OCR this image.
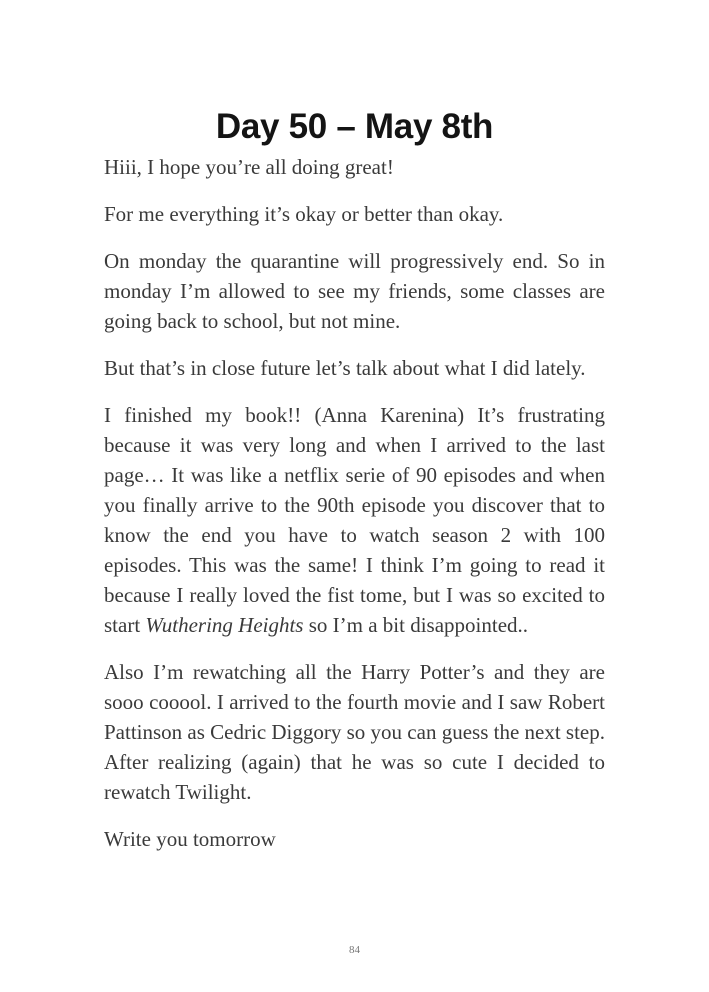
Day 50 – May 8th

Hiii, I hope you’re all doing great!

For me everything it’s okay or better than okay.

On monday the quarantine will progressively end. So in monday I’m allowed to see my friends, some classes are going back to school, but not mine.

But that’s in close future let’s talk about what I did lately.

I finished my book!! (Anna Karenina) It’s frustrating because it was very long and when I arrived to the last page… It was like a netflix serie of 90 episodes and when you finally arrive to the 90th episode you discover that to know the end you have to watch season 2 with 100 episodes. This was the same! I think I’m going to read it because I really loved the fist tome, but I was so excited to start Wuthering Heights so I’m a bit disappointed..

Also I’m rewatching all the Harry Potter’s and they are sooo cooool. I arrived to the fourth movie and I saw Robert Pattinson as Cedric Diggory so you can guess the next step. After realizing (again) that he was so cute I decided to rewatch Twilight.

Write you tomorrow

84
